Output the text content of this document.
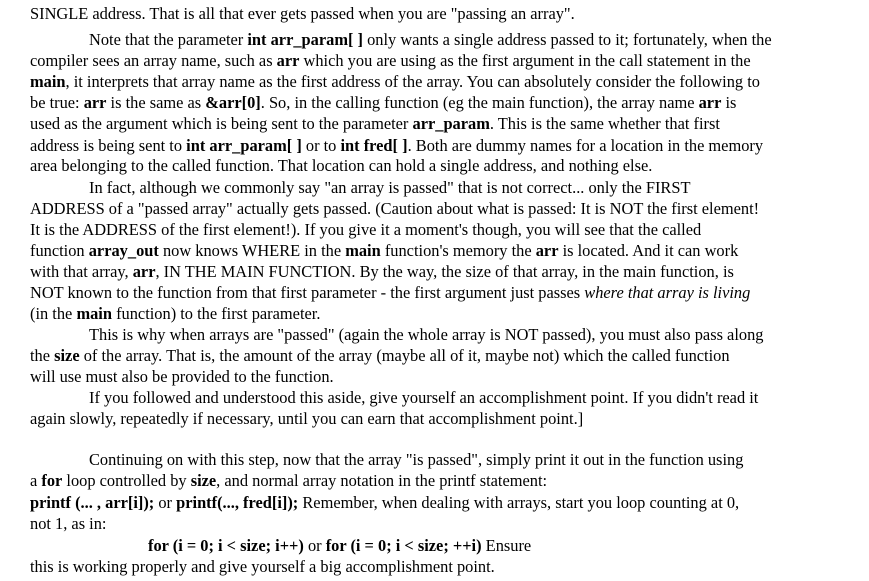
SINGLE address. That is all that ever gets passed when you are "passing an array".
Note that the parameter int arr_param[ ] only wants a single address passed to it; fortunately, when the
compiler sees an array name, such as arr which you are using as the first argument in the call statement in the
main, it interprets that array name as the first address of the array. You can absolutely consider the following to
be true: arr is the same as &arr[0]. So, in the calling function (eg the main function), the array name arr is
used as the argument which is being sent to the parameter arr_param. This is the same whether that first
address is being sent to int arr_param[ ] or to int fred[ ]. Both are dummy names for a location in the memory
area belonging to the called function. That location can hold a single address, and nothing else.
In fact, although we commonly say "an array is passed" that is not correct... only the FIRST
ADDRESS of a "passed array" actually gets passed. (Caution about what is passed: It is NOT the first element!
It is the ADDRESS of the first element!). If you give it a moment's though, you will see that the called
function array_out now knows WHERE in the main function's memory the arr is located. And it can work
with that array, arr, IN THE MAIN FUNCTION. By the way, the size of that array, in the main function, is
NOT known to the function from that first parameter - the first argument just passes where that array is living
(in the main function) to the first parameter.
This is why when arrays are "passed" (again the whole array is NOT passed), you must also pass along
the size of the array. That is, the amount of the array (maybe all of it, maybe not) which the called function
will use must also be provided to the function.
If you followed and understood this aside, give yourself an accomplishment point. If you didn't read it
again slowly, repeatedly if necessary, until you can earn that accomplishment point.]
Continuing on with this step, now that the array "is passed", simply print it out in the function using
a for loop controlled by size, and normal array notation in the printf statement:
printf (... , arr[i]); or printf(..., fred[i]); Remember, when dealing with arrays, start you loop counting at 0,
not 1, as in:
for (i = 0; i < size; i++) or for (i = 0; i < size; ++i) Ensure
this is working properly and give yourself a big accomplishment point.
